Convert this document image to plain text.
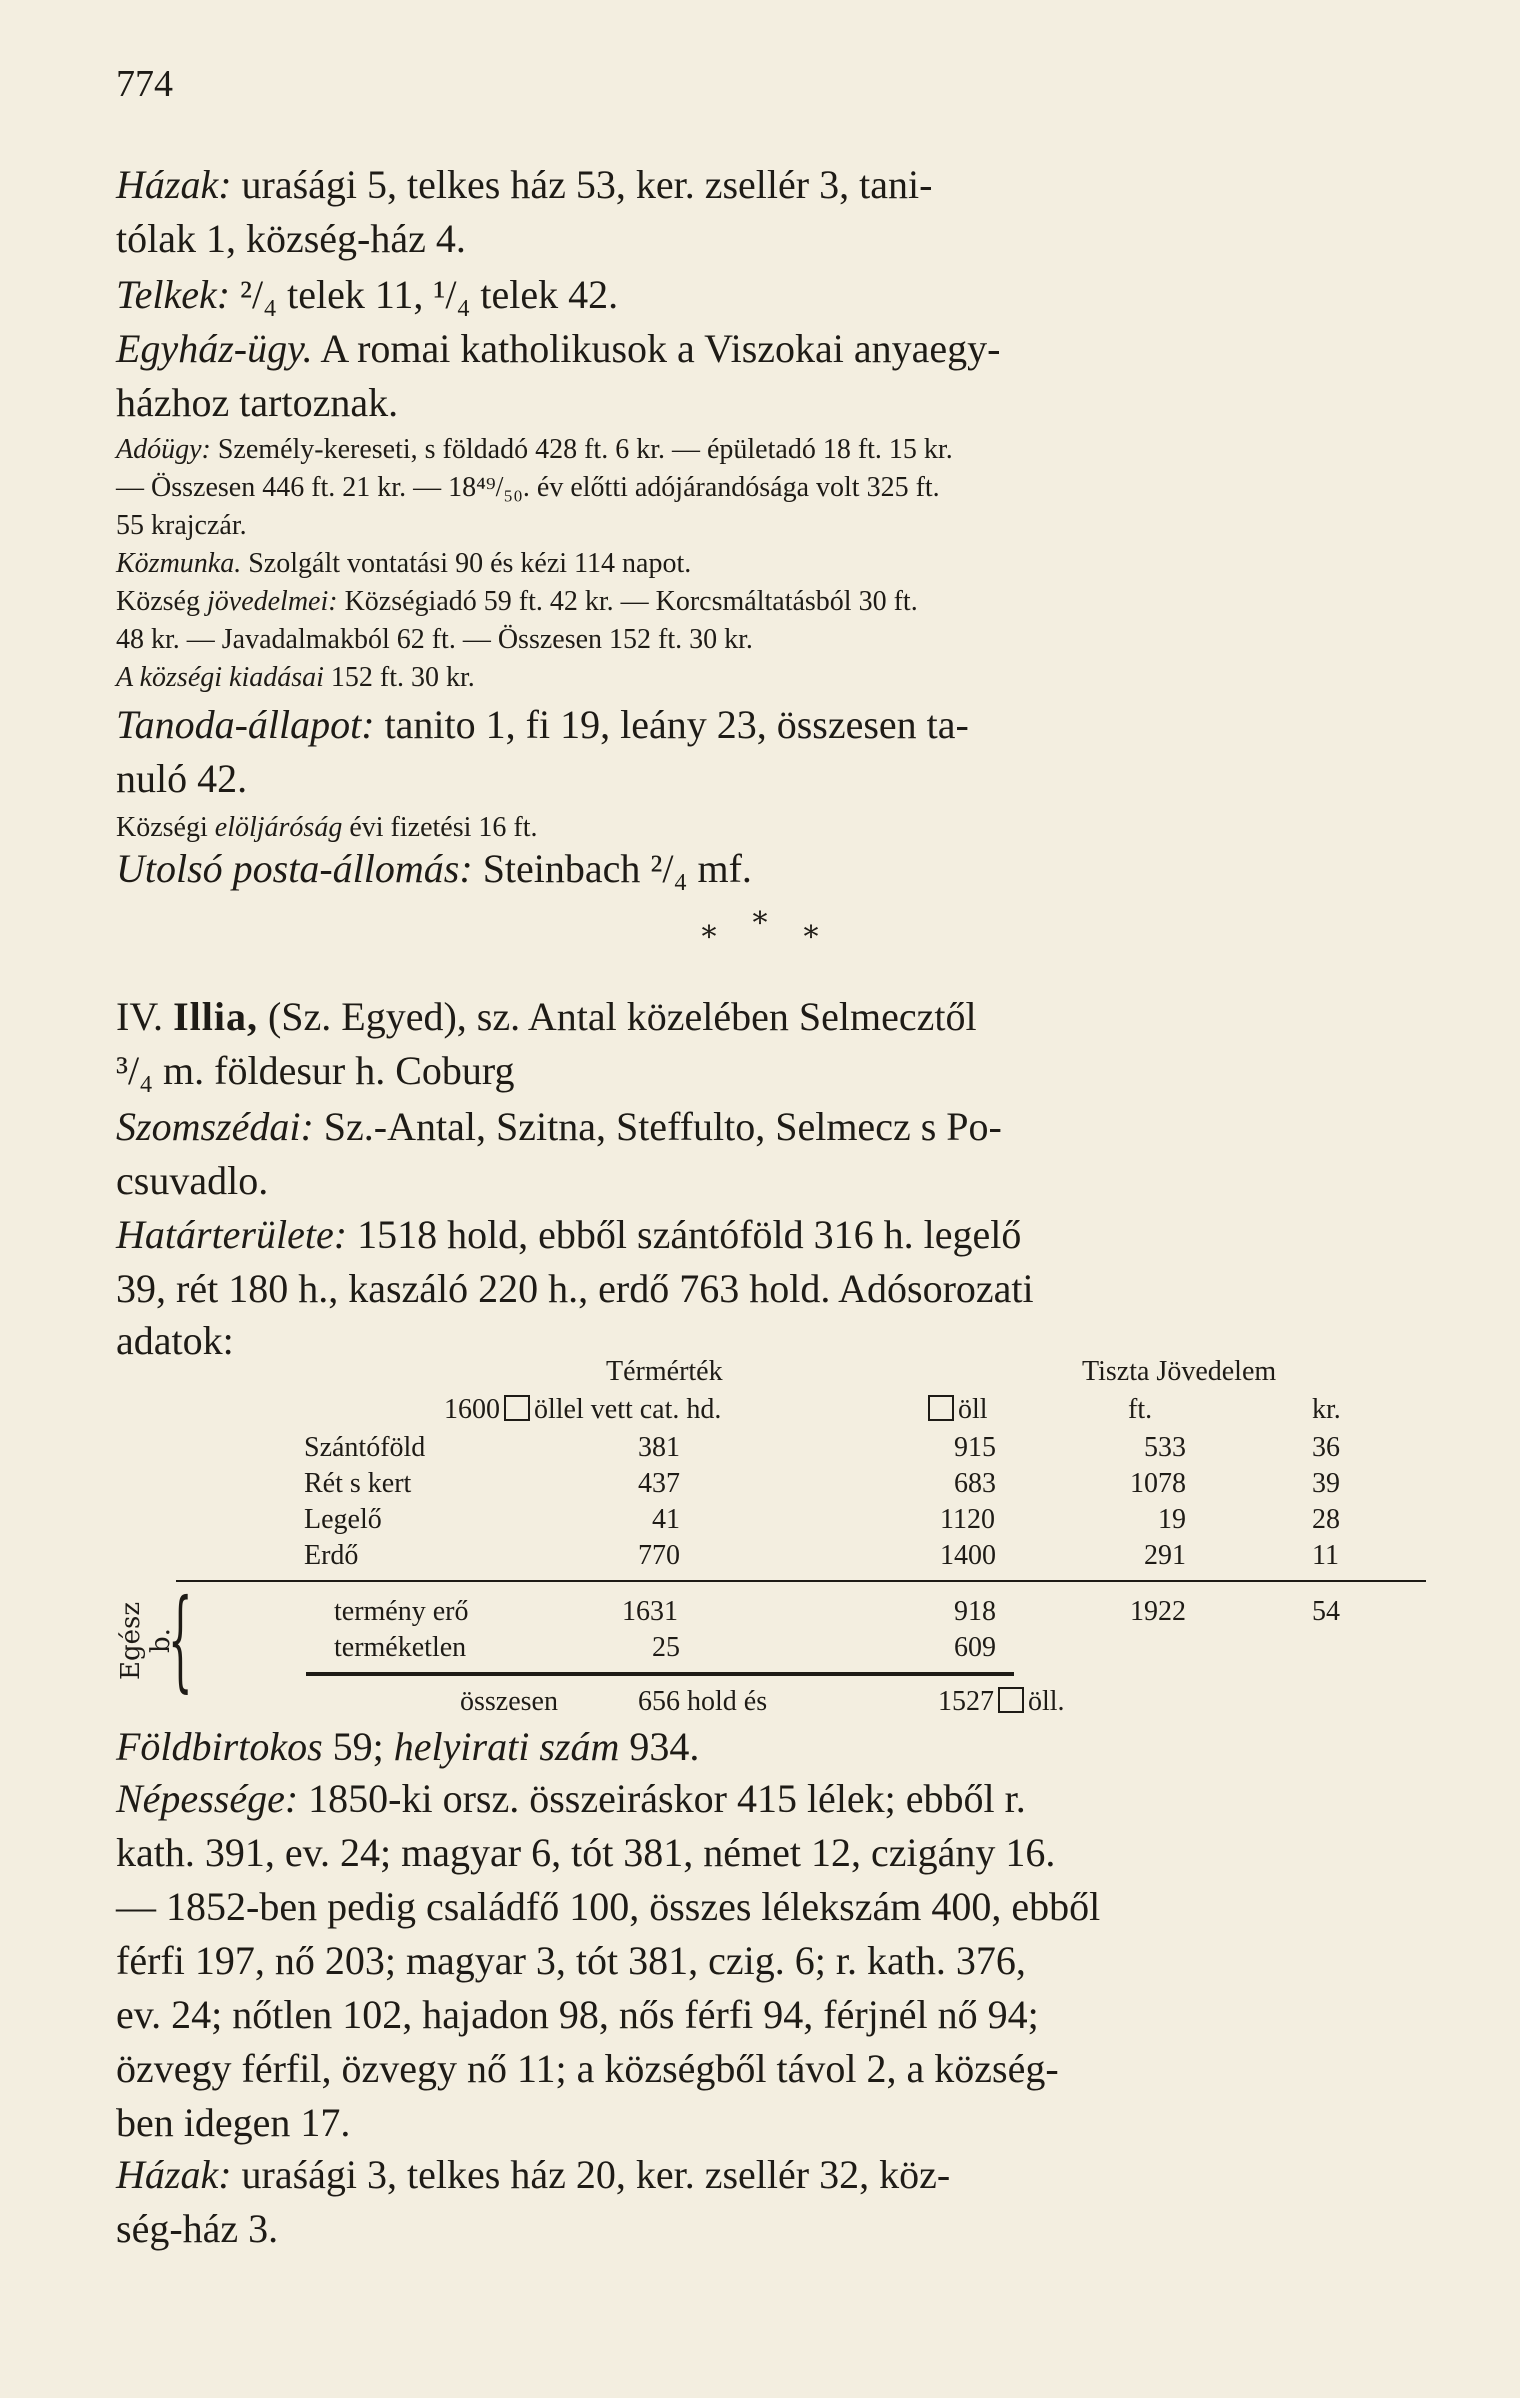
774
Házak: uraśági 5, telkes ház 53, ker. zsellér 3, tani-
tólak 1, község-ház 4.
Telkek: ²/₄ telek 11, ¹/₄ telek 42.
Egyház-ügy. A romai katholikusok a Viszokai anyaegy-
házhoz tartoznak.
Adóügy: Személy-kereseti, s földadó 428 ft. 6 kr. — épületadó 18 ft. 15 kr.
— Összesen 446 ft. 21 kr. — 18⁴⁹/₅₀. év előtti adójárandósága volt 325 ft.
55 krajczár.
Közmunka. Szolgált vontatási 90 és kézi 114 napot.
Község jövedelmei: Községiadó 59 ft. 42 kr. — Korcsmáltatásból 30 ft.
48 kr. — Javadalmakból 62 ft. — Összesen 152 ft. 30 kr.
A községi kiadásai 152 ft. 30 kr.
Tanoda-állapot: tanito 1, fi 19, leány 23, összesen ta-
nuló 42.
Községi elöljáróság évi fizetési 16 ft.
Utolsó posta-állomás: Steinbach ²/₄ mf.
* * *
IV. Illia, (Sz. Egyed), sz. Antal közelében Selmecztől
³/₄ m. földesur h. Coburg
Szomszédai: Sz.-Antal, Szitna, Steffulto, Selmecz s Po-
csuvadlo.
Határterülete: 1518 hold, ebből szántóföld 316 h. legelő
39, rét 180 h., kaszáló 220 h., erdő 763 hold. Adósorozati
adatok:
Térmérték	Tiszta Jövedelem
1600 öllel vett cat. hd.	öll	ft.	kr.
Szántóföld	381	915	533	36
Rét s kert	437	683	1078	39
Legelő	41	1120	19	28
Erdő	770	1400	291	11
termény erő	1631	918	1922	54
terméketlen	25	609
összesen	656 hold és	1527 öll.
Egész b.
{
Földbirtokos 59; helyirati szám 934.
Népessége: 1850-ki orsz. összeiráskor 415 lélek; ebből r.
kath. 391, ev. 24; magyar 6, tót 381, német 12, czigány 16.
— 1852-ben pedig családfő 100, összes lélekszám 400, ebből
férfi 197, nő 203; magyar 3, tót 381, czig. 6; r. kath. 376,
ev. 24; nőtlen 102, hajadon 98, nős férfi 94, férjnél nő 94;
özvegy férfil, özvegy nő 11; a községből távol 2, a község-
ben idegen 17.
Házak: uraśági 3, telkes ház 20, ker. zsellér 32, köz-
ség-ház 3.
